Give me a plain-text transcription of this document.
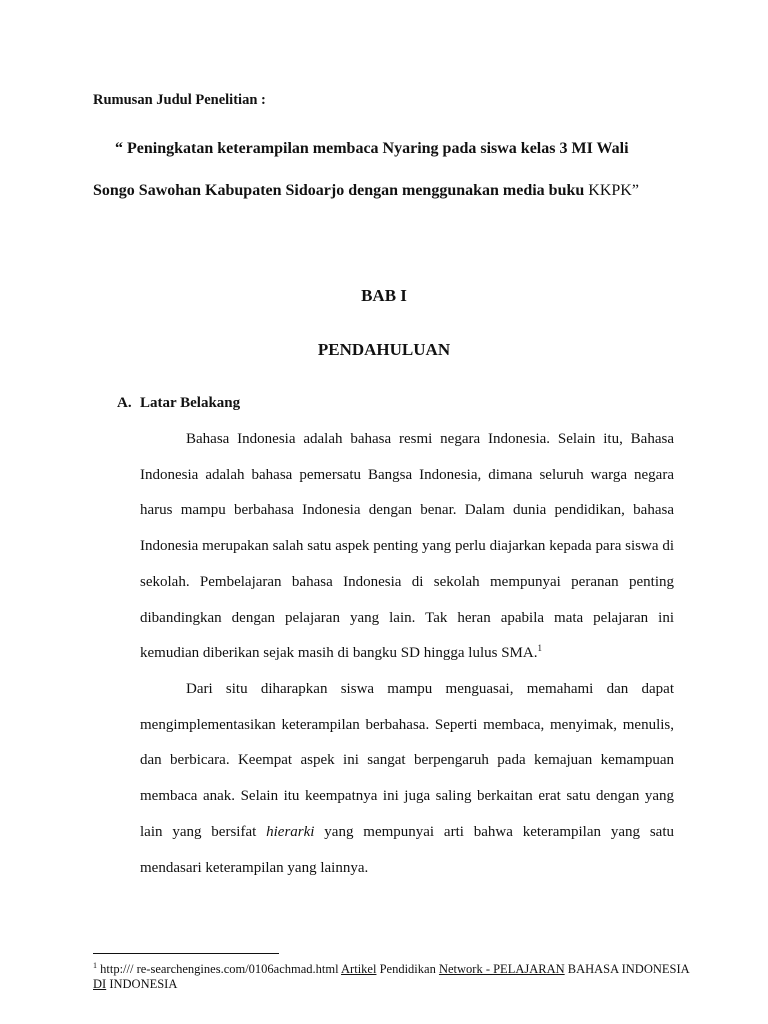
Rumusan Judul Penelitian :

“ Peningkatan keterampilan membaca Nyaring pada siswa kelas 3 MI Wali

Songo Sawohan Kabupaten Sidoarjo dengan menggunakan media buku KKPK”

BAB I

PENDAHULUAN

A. Latar Belakang

Bahasa Indonesia adalah bahasa resmi negara Indonesia. Selain itu, Bahasa Indonesia adalah bahasa pemersatu Bangsa Indonesia, dimana seluruh warga negara harus mampu berbahasa Indonesia dengan benar. Dalam dunia pendidikan, bahasa Indonesia merupakan salah satu aspek penting yang perlu diajarkan kepada para siswa di sekolah. Pembelajaran bahasa Indonesia di sekolah mempunyai peranan penting dibandingkan dengan pelajaran yang lain. Tak heran apabila mata pelajaran ini kemudian diberikan sejak masih di bangku SD hingga lulus SMA.$^1$

Dari situ diharapkan siswa mampu menguasai, memahami dan dapat mengimplementasikan keterampilan berbahasa. Seperti membaca, menyimak, menulis, dan berbicara. Keempat aspek ini sangat berpengaruh pada kemajuan kemampuan membaca anak. Selain itu keempatnya ini juga saling berkaitan erat satu dengan yang lain yang bersifat hierarki yang mempunyai arti bahwa keterampilan yang satu mendasari keterampilan yang lainnya.

$^1$ http:/// re-searchengines.com/0106achmad.html Artikel Pendidikan Network - PELAJARAN BAHASA INDONESIA DI INDONESIA
